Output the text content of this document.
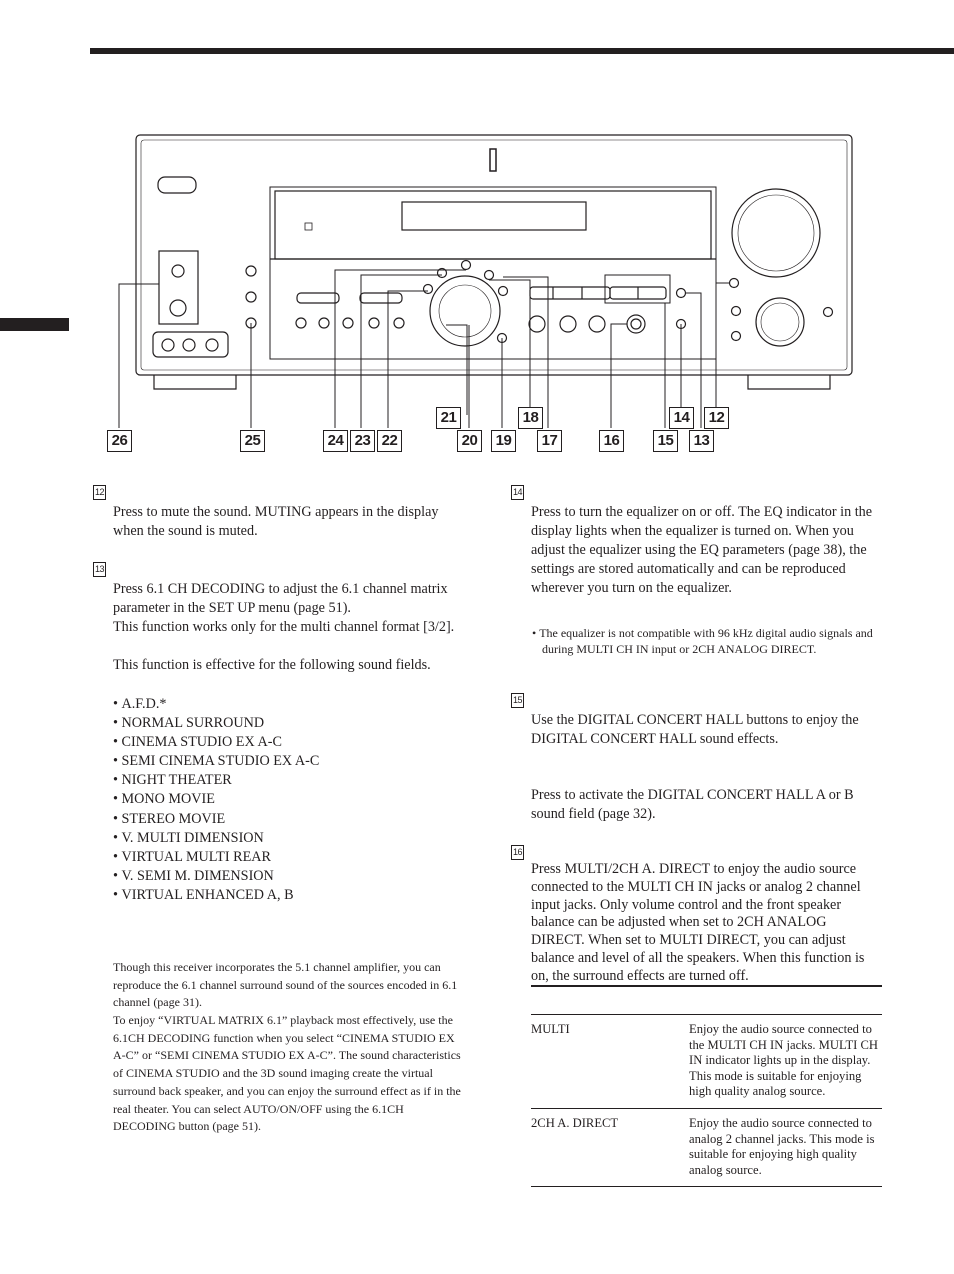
26	25	24 23 22
21
20	19
18
17	16	15
14
13
12
12

Press to mute the sound. MUTING appears in the display when the sound is muted.

13

Press 6.1 CH DECODING to adjust the 6.1 channel matrix parameter in the SET UP menu (page 51).

This function works only for the multi channel format [3/2].

This function is effective for the following sound fields.

• A.F.D.*
• NORMAL SURROUND
• CINEMA STUDIO EX A-C
• SEMI CINEMA STUDIO EX A-C
• NIGHT THEATER
• MONO MOVIE
• STEREO MOVIE
• V. MULTI DIMENSION
• VIRTUAL MULTI REAR
• V. SEMI M. DIMENSION
• VIRTUAL ENHANCED A, B

Though this receiver incorporates the 5.1 channel amplifier, you can reproduce the 6.1 channel surround sound of the sources encoded in 6.1 channel (page 31).

To enjoy “VIRTUAL MATRIX 6.1” playback most effectively, use the 6.1CH DECODING function when you select “CINEMA STUDIO EX A-C” or “SEMI CINEMA STUDIO EX A-C”. The sound characteristics of CINEMA STUDIO and the 3D sound imaging create the virtual surround back speaker, and you can enjoy the surround effect as if in the real theater. You can select AUTO/ON/OFF using the 6.1CH DECODING button (page 51).

14

Press to turn the equalizer on or off. The EQ indicator in the display lights when the equalizer is turned on. When you adjust the equalizer using the EQ parameters (page 38), the settings are stored automatically and can be reproduced wherever you turn on the equalizer.

• The equalizer is not compatible with 96 kHz digital audio signals and during MULTI CH IN input or 2CH ANALOG DIRECT.

15

Use the DIGITAL CONCERT HALL buttons to enjoy the DIGITAL CONCERT HALL sound effects.

Press to activate the DIGITAL CONCERT HALL A or B sound field (page 32).

16

Press MULTI/2CH A. DIRECT to enjoy the audio source connected to the MULTI CH IN jacks or analog 2 channel input jacks. Only volume control and the front speaker balance can be adjusted when set to 2CH ANALOG DIRECT. When set to MULTI DIRECT, you can adjust balance and level of all the speakers. When this function is on, the surround effects are turned off.

MULTI	Enjoy the audio source connected to the MULTI CH IN jacks. MULTI CH IN indicator lights up in the display. This mode is suitable for enjoying high quality analog source.
2CH A. DIRECT	Enjoy the audio source connected to analog 2 channel jacks. This mode is suitable for enjoying high quality analog source.
